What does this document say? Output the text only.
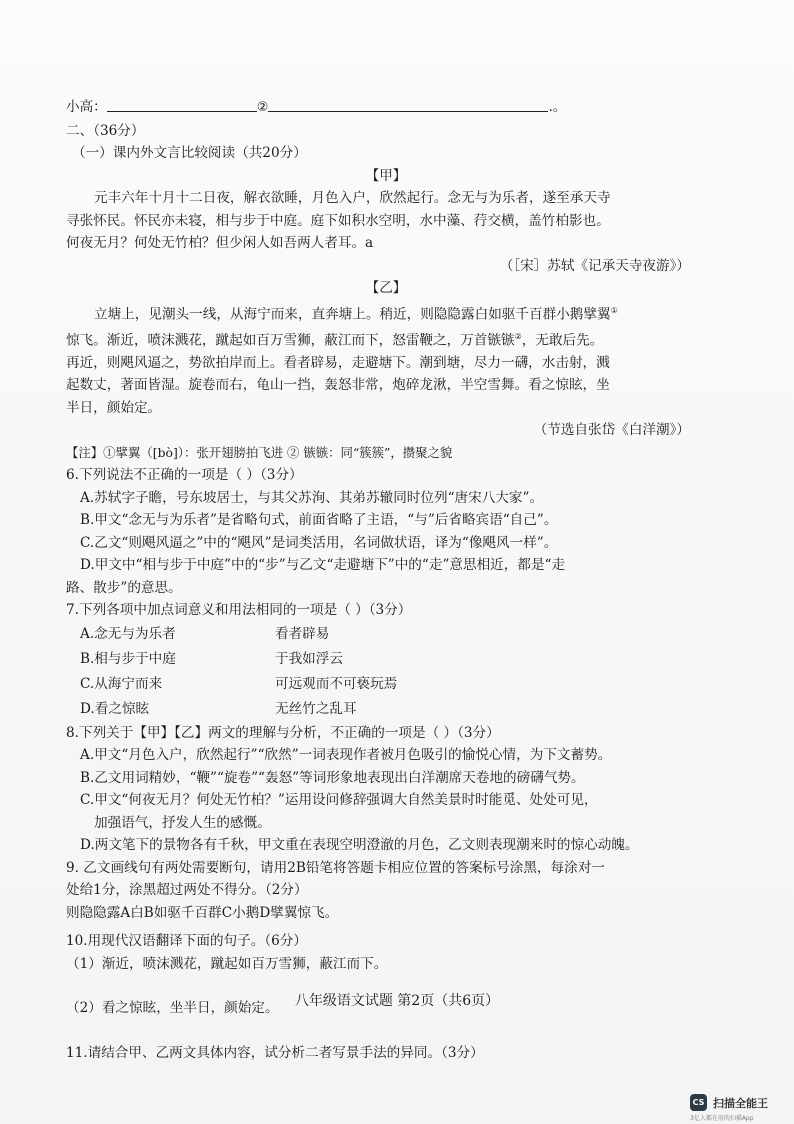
小高：	②	.。
二、（36分）
（一）课内外文言比较阅读（共20分）
【甲】
元丰六年十月十二日夜，解衣欲睡，月色入户，欣然起行。念无与为乐者，遂至承天寺
寻张怀民。怀民亦未寝，相与步于中庭。庭下如积水空明，水中藻、荇交横，盖竹柏影也。
何夜无月？何处无竹柏？但少闲人如吾两人者耳。a
（［宋］苏轼《记承天寺夜游》）
【乙】
立塘上，见潮头一线，从海宁而来，直奔塘上。稍近，则隐隐露白如驱千百群小鹅擘翼①
惊飞。渐近，喷沫溅花，蹴起如百万雪狮，蔽江而下，怒雷鞭之，万首镞镞②，无敢后先。
再近，则飓风逼之，势欲拍岸而上。看者辟易，走避塘下。潮到塘，尽力一礴，水击射，溅
起数丈，著面皆湿。旋卷而右，龟山一挡，轰怒非常，炮碎龙湫，半空雪舞。看之惊眩，坐
半日，颜始定。
（节选自张岱《白洋潮》）
【注】①擘翼（[bò]）：张开翅膀拍飞进 ② 镞镞：同“簇簇”，攒聚之貌
6.下列说法不正确的一项是（ ）（3分）
A.苏轼字子瞻，号东坡居士，与其父苏洵、其弟苏辙同时位列“唐宋八大家”。
B.甲文“念无与为乐者”是省略句式，前面省略了主语，“与”后省略宾语“自己”。
C.乙文“则飓风逼之”中的“飓风”是词类活用，名词做状语，译为“像飓风一样”。
D.甲文中“相与步于中庭”中的“步”与乙文“走避塘下”中的“走”意思相近，都是“走
路、散步”的意思。
7.下列各项中加点词意义和用法相同的一项是（ ）（3分）
A.念无与为乐者	看者辟易
B.相与步于中庭	于我如浮云
C.从海宁而来	可远观而不可亵玩焉
D.看之惊眩	无丝竹之乱耳
8.下列关于【甲】【乙】两文的理解与分析，不正确的一项是（ ）（3分）
A.甲文“月色入户，欣然起行”“欣然”一词表现作者被月色吸引的愉悦心情，为下文蓄势。
B.乙文用词精妙，“鞭”“旋卷”“轰怒”等词形象地表现出白洋潮席天卷地的磅礴气势。
C.甲文“何夜无月？何处无竹柏？”运用设问修辞强调大自然美景时时能觅、处处可见，
加强语气，抒发人生的感慨。
D.两文笔下的景物各有千秋，甲文重在表现空明澄澈的月色，乙文则表现潮来时的惊心动魄。
9. 乙文画线句有两处需要断句，请用2B铅笔将答题卡相应位置的答案标号涂黑，每涂对一
处给1分，涂黑超过两处不得分。（2分）
则隐隐露A白B如驱千百群C小鹅D擘翼惊飞。
10.用现代汉语翻译下面的句子。（6分）
（1）渐近，喷沫溅花，蹴起如百万雪狮，蔽江而下。
（2）看之惊眩，坐半日，颜始定。
11.请结合甲、乙两文具体内容，试分析二者写景手法的异同。（3分）
八年级语文试题 第2页（共6页）
CS 扫描全能王
3亿人都在用的扫描App
